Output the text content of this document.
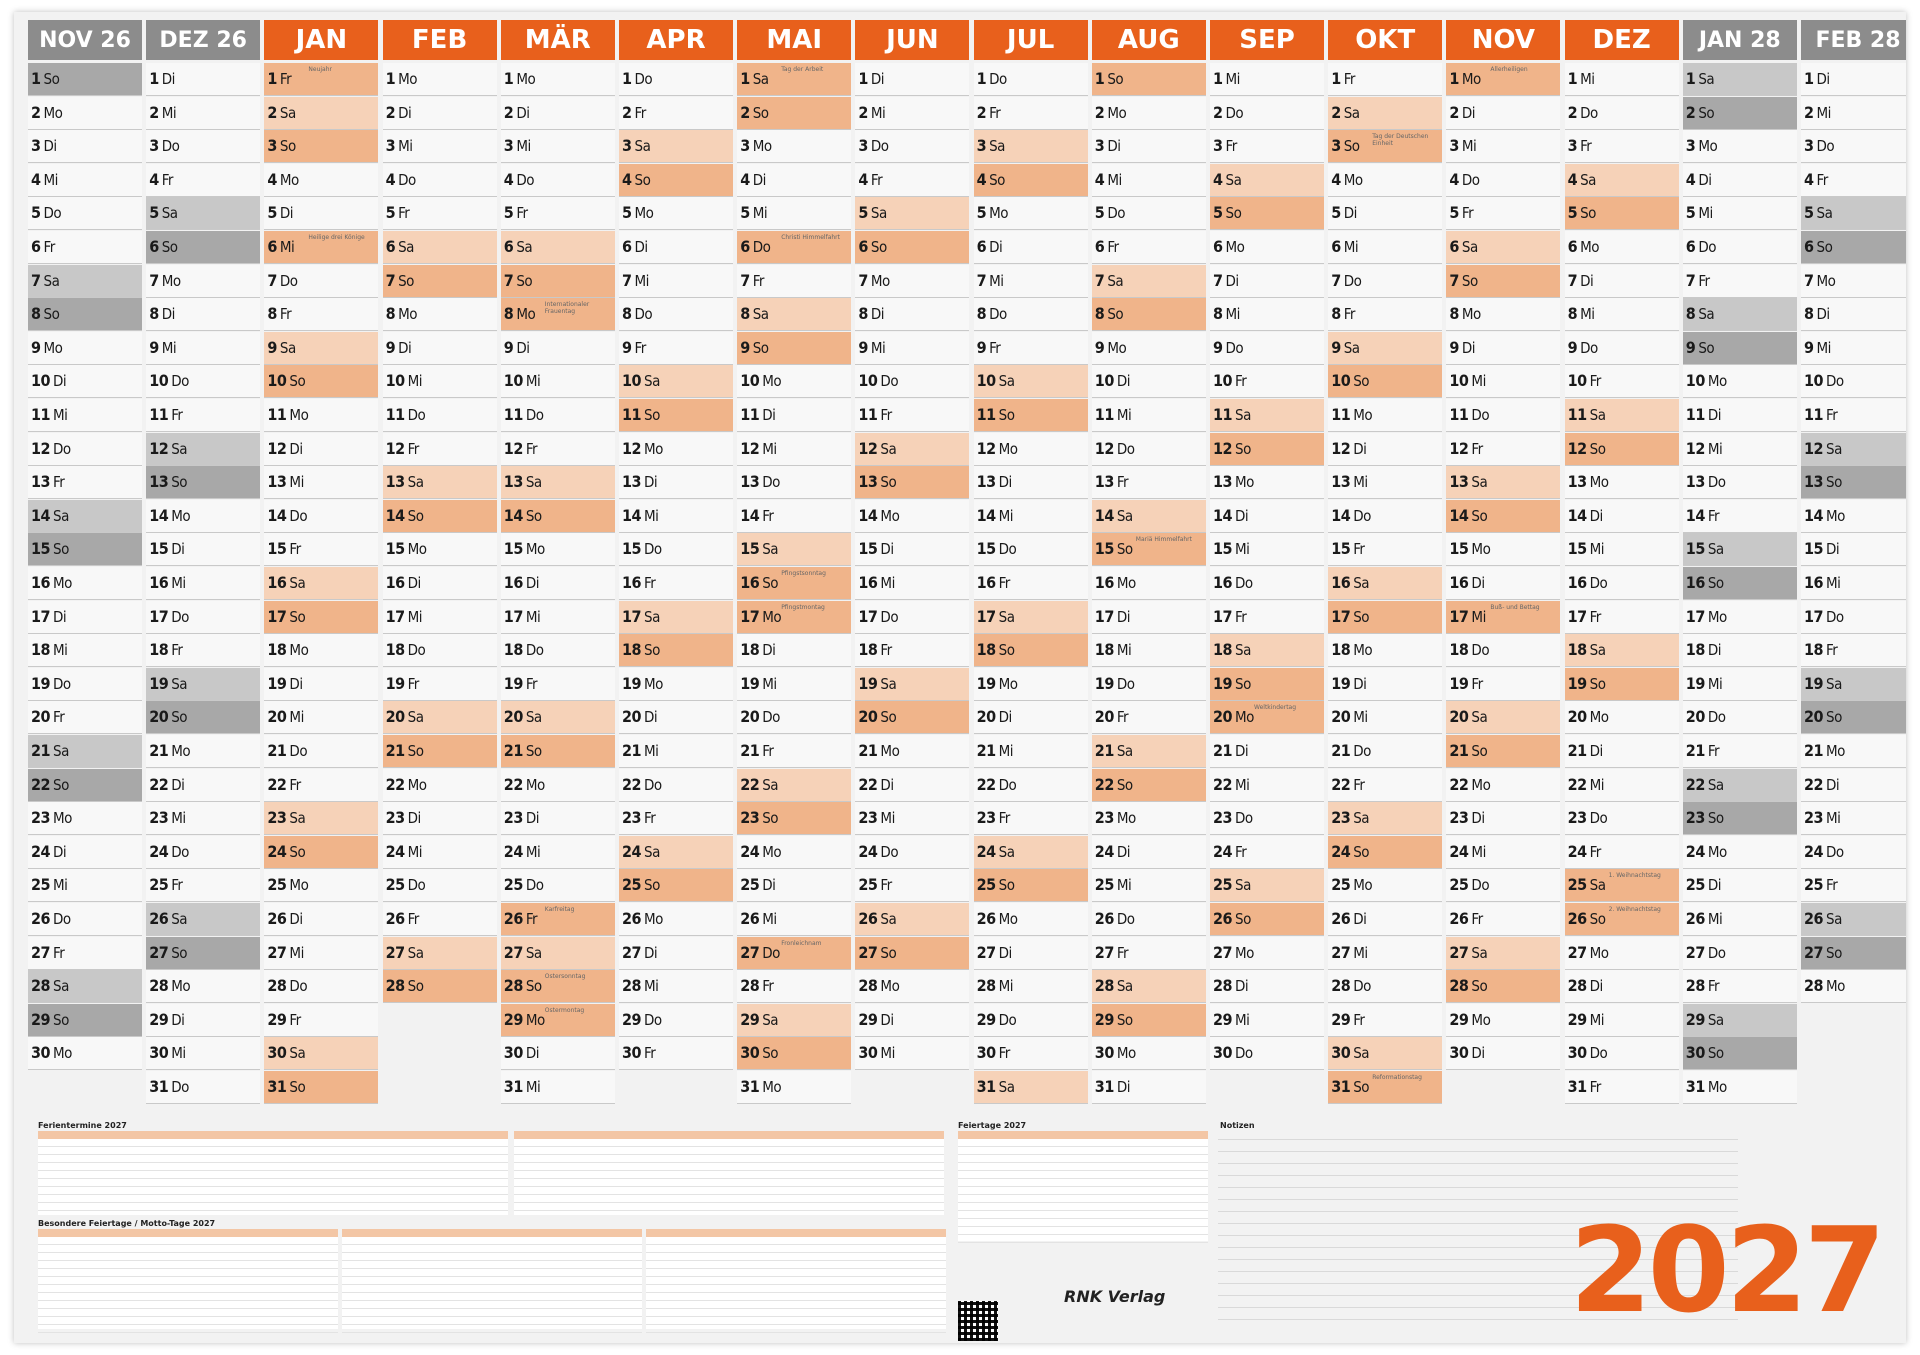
NOV 26
1 So
2 Mo
3 Di
4 Mi
5 Do
6 Fr
7 Sa
8 So
9 Mo
10 Di
11 Mi
12 Do
13 Fr
14 Sa
15 So
16 Mo
17 Di
18 Mi
19 Do
20 Fr
21 Sa
22 So
23 Mo
24 Di
25 Mi
26 Do
27 Fr
28 Sa
29 So
30 Mo
DEZ 26
1 Di
2 Mi
3 Do
4 Fr
5 Sa
6 So
7 Mo
8 Di
9 Mi
10 Do
11 Fr
12 Sa
13 So
14 Mo
15 Di
16 Mi
17 Do
18 Fr
19 Sa
20 So
21 Mo
22 Di
23 Mi
24 Do
25 Fr
26 Sa
27 So
28 Mo
29 Di
30 Mi
31 Do
JAN
1 Fr
Neujahr
2 Sa
3 So
4 Mo
5 Di
6 Mi
Heilige drei Könige
7 Do
8 Fr
9 Sa
10 So
11 Mo
12 Di
13 Mi
14 Do
15 Fr
16 Sa
17 So
18 Mo
19 Di
20 Mi
21 Do
22 Fr
23 Sa
24 So
25 Mo
26 Di
27 Mi
28 Do
29 Fr
30 Sa
31 So
FEB
1 Mo
2 Di
3 Mi
4 Do
5 Fr
6 Sa
7 So
8 Mo
9 Di
10 Mi
11 Do
12 Fr
13 Sa
14 So
15 Mo
16 Di
17 Mi
18 Do
19 Fr
20 Sa
21 So
22 Mo
23 Di
24 Mi
25 Do
26 Fr
27 Sa
28 So
MÄR
1 Mo
2 Di
3 Mi
4 Do
5 Fr
6 Sa
7 So
8 Mo
Internationaler Frauentag
9 Di
10 Mi
11 Do
12 Fr
13 Sa
14 So
15 Mo
16 Di
17 Mi
18 Do
19 Fr
20 Sa
21 So
22 Mo
23 Di
24 Mi
25 Do
26 Fr
Karfreitag
27 Sa
28 So
Ostersonntag
29 Mo
Ostermontag
30 Di
31 Mi
APR
1 Do
2 Fr
3 Sa
4 So
5 Mo
6 Di
7 Mi
8 Do
9 Fr
10 Sa
11 So
12 Mo
13 Di
14 Mi
15 Do
16 Fr
17 Sa
18 So
19 Mo
20 Di
21 Mi
22 Do
23 Fr
24 Sa
25 So
26 Mo
27 Di
28 Mi
29 Do
30 Fr
MAI
1 Sa
Tag der Arbeit
2 So
3 Mo
4 Di
5 Mi
6 Do
Christi Himmelfahrt
7 Fr
8 Sa
9 So
10 Mo
11 Di
12 Mi
13 Do
14 Fr
15 Sa
16 So
Pfingstsonntag
17 Mo
Pfingstmontag
18 Di
19 Mi
20 Do
21 Fr
22 Sa
23 So
24 Mo
25 Di
26 Mi
27 Do
Fronleichnam
28 Fr
29 Sa
30 So
31 Mo
JUN
1 Di
2 Mi
3 Do
4 Fr
5 Sa
6 So
7 Mo
8 Di
9 Mi
10 Do
11 Fr
12 Sa
13 So
14 Mo
15 Di
16 Mi
17 Do
18 Fr
19 Sa
20 So
21 Mo
22 Di
23 Mi
24 Do
25 Fr
26 Sa
27 So
28 Mo
29 Di
30 Mi
JUL
1 Do
2 Fr
3 Sa
4 So
5 Mo
6 Di
7 Mi
8 Do
9 Fr
10 Sa
11 So
12 Mo
13 Di
14 Mi
15 Do
16 Fr
17 Sa
18 So
19 Mo
20 Di
21 Mi
22 Do
23 Fr
24 Sa
25 So
26 Mo
27 Di
28 Mi
29 Do
30 Fr
31 Sa
AUG
1 So
2 Mo
3 Di
4 Mi
5 Do
6 Fr
7 Sa
8 So
9 Mo
10 Di
11 Mi
12 Do
13 Fr
14 Sa
15 So
Mariä Himmelfahrt
16 Mo
17 Di
18 Mi
19 Do
20 Fr
21 Sa
22 So
23 Mo
24 Di
25 Mi
26 Do
27 Fr
28 Sa
29 So
30 Mo
31 Di
SEP
1 Mi
2 Do
3 Fr
4 Sa
5 So
6 Mo
7 Di
8 Mi
9 Do
10 Fr
11 Sa
12 So
13 Mo
14 Di
15 Mi
16 Do
17 Fr
18 Sa
19 So
20 Mo
Weltkindertag
21 Di
22 Mi
23 Do
24 Fr
25 Sa
26 So
27 Mo
28 Di
29 Mi
30 Do
OKT
1 Fr
2 Sa
3 So
Tag der Deutschen Einheit
4 Mo
5 Di
6 Mi
7 Do
8 Fr
9 Sa
10 So
11 Mo
12 Di
13 Mi
14 Do
15 Fr
16 Sa
17 So
18 Mo
19 Di
20 Mi
21 Do
22 Fr
23 Sa
24 So
25 Mo
26 Di
27 Mi
28 Do
29 Fr
30 Sa
31 So
Reformationstag
NOV
1 Mo
Allerheiligen
2 Di
3 Mi
4 Do
5 Fr
6 Sa
7 So
8 Mo
9 Di
10 Mi
11 Do
12 Fr
13 Sa
14 So
15 Mo
16 Di
17 Mi
Buß- und Bettag
18 Do
19 Fr
20 Sa
21 So
22 Mo
23 Di
24 Mi
25 Do
26 Fr
27 Sa
28 So
29 Mo
30 Di
DEZ
1 Mi
2 Do
3 Fr
4 Sa
5 So
6 Mo
7 Di
8 Mi
9 Do
10 Fr
11 Sa
12 So
13 Mo
14 Di
15 Mi
16 Do
17 Fr
18 Sa
19 So
20 Mo
21 Di
22 Mi
23 Do
24 Fr
25 Sa
1. Weihnachtstag
26 So
2. Weihnachtstag
27 Mo
28 Di
29 Mi
30 Do
31 Fr
JAN 28
1 Sa
2 So
3 Mo
4 Di
5 Mi
6 Do
7 Fr
8 Sa
9 So
10 Mo
11 Di
12 Mi
13 Do
14 Fr
15 Sa
16 So
17 Mo
18 Di
19 Mi
20 Do
21 Fr
22 Sa
23 So
24 Mo
25 Di
26 Mi
27 Do
28 Fr
29 Sa
30 So
31 Mo
FEB 28
1 Di
2 Mi
3 Do
4 Fr
5 Sa
6 So
7 Mo
8 Di
9 Mi
10 Do
11 Fr
12 Sa
13 So
14 Mo
15 Di
16 Mi
17 Do
18 Fr
19 Sa
20 So
21 Mo
22 Di
23 Mi
24 Do
25 Fr
26 Sa
27 So
28 Mo
Ferientermine 2027
Besondere Feiertage / Motto-Tage 2027
Feiertage 2027
RNK Verlag
Notizen
2027
